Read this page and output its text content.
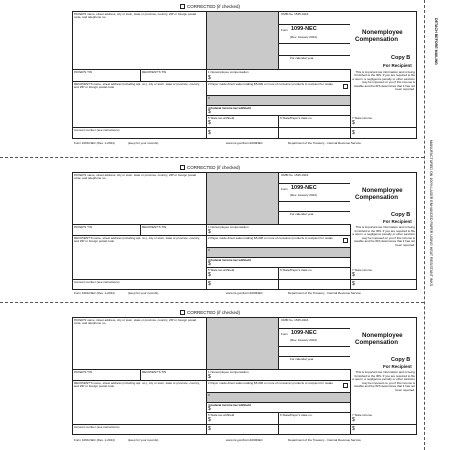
DETACH BEFORE MAILING
MANUFACTURED ON 100% LASER ENHANCED PAPER USING HEAT RESISTANT INKS
CORRECTED (if checked)
PAYER'S name, street address, city or town, state or province, country, ZIP or foreign postal code, and telephone no.
OMB No. 1545-0116
Form 1099-NEC
(Rev. January 2024)
For calendar year
Nonemployee
Compensation
PAYER'S TIN	RECIPIENT'S TIN	1 Nonemployee compensation
$
RECIPIENT'S name, street address (including apt. no.), city or town, state or province, country, and ZIP or foreign postal code
2 Payer made direct sales totaling $5,000 or more of consumer products to recipient for resale
3
4 Federal income tax withheld
$
5 State tax withheld
$
$
6 State/Payer's state no.	7 State income
$
$
Account number (see instructions)
Copy B
For Recipient
This is important tax information and is being furnished to the IRS. If you are required to file a return, a negligence penalty or other sanction may be imposed on you if this income is taxable and the IRS determines that it has not been reported.
Form 1099-NEC (Rev. 1-2024)	(keep for your records)	www.irs.gov/Form1099NEC	Department of the Treasury - Internal Revenue Service
CORRECTED (if checked)
PAYER'S name, street address, city or town, state or province, country, ZIP or foreign postal code, and telephone no.
OMB No. 1545-0116
Form 1099-NEC
(Rev. January 2024)
For calendar year
Nonemployee
Compensation
PAYER'S TIN	RECIPIENT'S TIN	1 Nonemployee compensation
$
RECIPIENT'S name, street address (including apt. no.), city or town, state or province, country, and ZIP or foreign postal code
2 Payer made direct sales totaling $5,000 or more of consumer products to recipient for resale
3
4 Federal income tax withheld
$
5 State tax withheld
$
$
6 State/Payer's state no.	7 State income
$
$
Account number (see instructions)
Copy B
For Recipient
This is important tax information and is being furnished to the IRS. If you are required to file a return, a negligence penalty or other sanction may be imposed on you if this income is taxable and the IRS determines that it has not been reported.
Form 1099-NEC (Rev. 1-2024)	(keep for your records)	www.irs.gov/Form1099NEC	Department of the Treasury - Internal Revenue Service
CORRECTED (if checked)
PAYER'S name, street address, city or town, state or province, country, ZIP or foreign postal code, and telephone no.
OMB No. 1545-0116
Form 1099-NEC
(Rev. January 2024)
For calendar year
Nonemployee
Compensation
PAYER'S TIN	RECIPIENT'S TIN	1 Nonemployee compensation
$
RECIPIENT'S name, street address (including apt. no.), city or town, state or province, country, and ZIP or foreign postal code
2 Payer made direct sales totaling $5,000 or more of consumer products to recipient for resale
3
4 Federal income tax withheld
$
5 State tax withheld
$
$
6 State/Payer's state no.	7 State income
$
$
Account number (see instructions)
Copy B
For Recipient
This is important tax information and is being furnished to the IRS. If you are required to file a return, a negligence penalty or other sanction may be imposed on you if this income is taxable and the IRS determines that it has not been reported.
Form 1099-NEC (Rev. 1-2024)	(keep for your records)	www.irs.gov/Form1099NEC	Department of the Treasury - Internal Revenue Service
